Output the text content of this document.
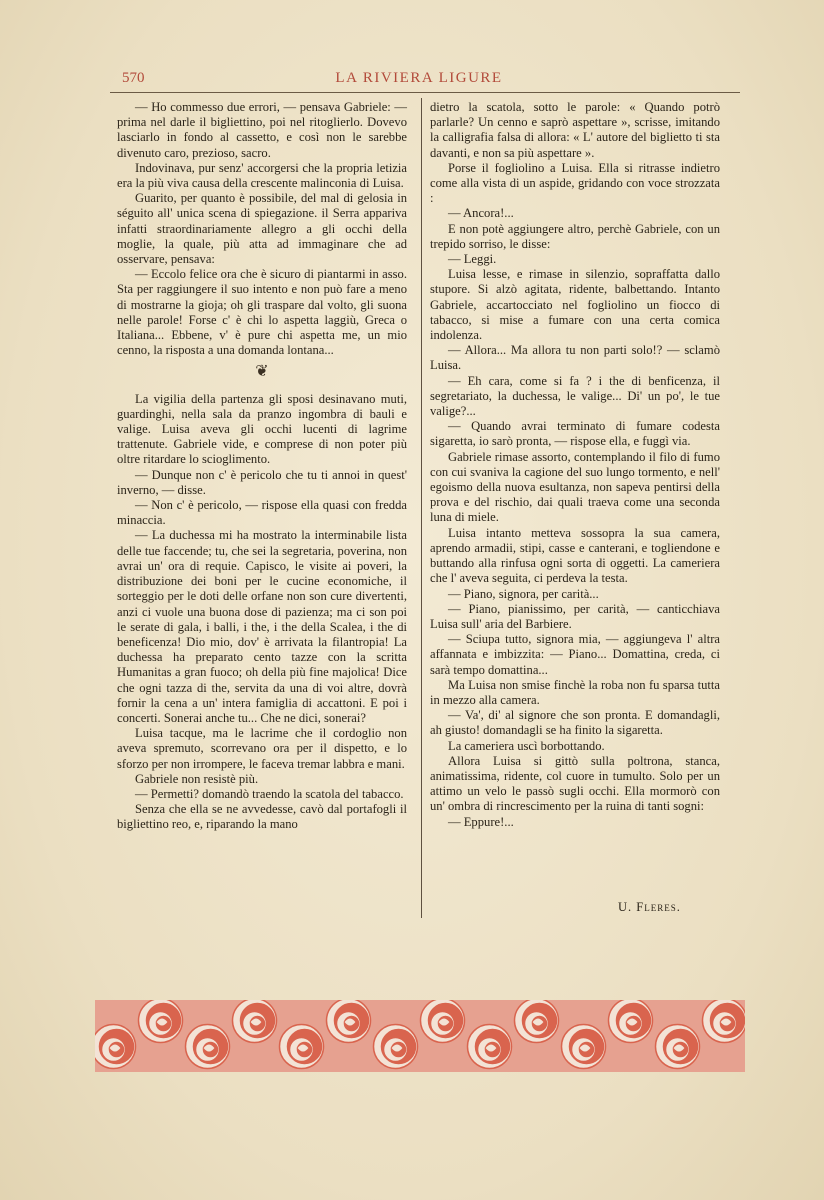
570	LA RIVIERA LIGURE

— Ho commesso due errori, — pensava Gabriele: — prima nel darle il bigliettino, poi nel ritoglierlo. Dovevo lasciarlo in fondo al cassetto, e così non le sarebbe divenuto caro, prezioso, sacro.

Indovinava, pur senz' accorgersi che la propria letizia era la più viva causa della crescente malinconia di Luisa.

Guarito, per quanto è possibile, del mal di gelosia in séguito all' unica scena di spiegazione. il Serra appariva infatti straordinariamente allegro a gli occhi della moglie, la quale, più atta ad immaginare che ad osservare, pensava:

— Eccolo felice ora che è sicuro di piantarmi in asso. Sta per raggiungere il suo intento e non può fare a meno di mostrarne la gioja; oh gli traspare dal volto, gli suona nelle parole! Forse c' è chi lo aspetta laggiù, Greca o Italiana... Ebbene, v' è pure chi aspetta me, un mio cenno, la risposta a una domanda lontana...

❦

La vigilia della partenza gli sposi desinavano muti, guardinghi, nella sala da pranzo ingombra di bauli e valige. Luisa aveva gli occhi lucenti di lagrime trattenute. Gabriele vide, e comprese di non poter più oltre ritardare lo scioglimento.

— Dunque non c' è pericolo che tu ti annoi in quest' inverno, — disse.

— Non c' è pericolo, — rispose ella quasi con fredda minaccia.

— La duchessa mi ha mostrato la interminabile lista delle tue faccende; tu, che sei la segretaria, poverina, non avrai un' ora di requie. Capisco, le visite ai poveri, la distribuzione dei boni per le cucine economiche, il sorteggio per le doti delle orfane non son cure divertenti, anzi ci vuole una buona dose di pazienza; ma ci son poi le serate di gala, i balli, i the, i the della Scalea, i the di beneficenza! Dio mio, dov' è arrivata la filantropia! La duchessa ha preparato cento tazze con la scritta Humanitas a gran fuoco; oh della più fine majolica! Dice che ogni tazza di the, servita da una di voi altre, dovrà fornir la cena a un' intera famiglia di accattoni. E poi i concerti. Sonerai anche tu... Che ne dici, sonerai?

Luisa tacque, ma le lacrime che il cordoglio non aveva spremuto, scorrevano ora per il dispetto, e lo sforzo per non irrompere, le faceva tremar labbra e mani.

Gabriele non resistè più.

— Permetti? domandò traendo la scatola del tabacco.

Senza che ella se ne avvedesse, cavò dal portafogli il bigliettino reo, e, riparando la mano

dietro la scatola, sotto le parole: « Quando potrò parlarle? Un cenno e saprò aspettare », scrisse, imitando la calligrafia falsa di allora: « L' autore del biglietto ti sta davanti, e non sa più aspettare ».

Porse il fogliolino a Luisa. Ella si ritrasse indietro come alla vista di un aspide, gridando con voce strozzata :

— Ancora!...

E non potè aggiungere altro, perchè Gabriele, con un trepido sorriso, le disse:

— Leggi.

Luisa lesse, e rimase in silenzio, sopraffatta dallo stupore. Si alzò agitata, ridente, balbettando. Intanto Gabriele, accartocciato nel fogliolino un fiocco di tabacco, si mise a fumare con una certa comica indolenza.

— Allora... Ma allora tu non parti solo!? — sclamò Luisa.

— Eh cara, come si fa ? i the di benficenza, il segretariato, la duchessa, le valige... Di' un po', le tue valige?...

— Quando avrai terminato di fumare codesta sigaretta, io sarò pronta, — rispose ella, e fuggì via.

Gabriele rimase assorto, contemplando il filo di fumo con cui svaniva la cagione del suo lungo tormento, e nell' egoismo della nuova esultanza, non sapeva pentirsi della prova e del rischio, dai quali traeva come una seconda luna di miele.

Luisa intanto metteva sossopra la sua camera, aprendo armadii, stipi, casse e canterani, e togliendone e buttando alla rinfusa ogni sorta di oggetti. La cameriera che l' aveva seguita, ci perdeva la testa.

— Piano, signora, per carità...

— Piano, pianissimo, per carità, — canticchiava Luisa sull' aria del Barbiere.

— Sciupa tutto, signora mia, — aggiungeva l' altra affannata e imbizzita: — Piano... Domattina, creda, ci sarà tempo domattina...

Ma Luisa non smise finchè la roba non fu sparsa tutta in mezzo alla camera.

— Va', di' al signore che son pronta. E domandagli, ah giusto! domandagli se ha finito la sigaretta.

La cameriera uscì borbottando.

Allora Luisa si gittò sulla poltrona, stanca, animatissima, ridente, col cuore in tumulto. Solo per un attimo un velo le passò sugli occhi. Ella mormorò con un' ombra di rincrescimento per la ruina di tanti sogni:

— Eppure!...

U. Fleres.
